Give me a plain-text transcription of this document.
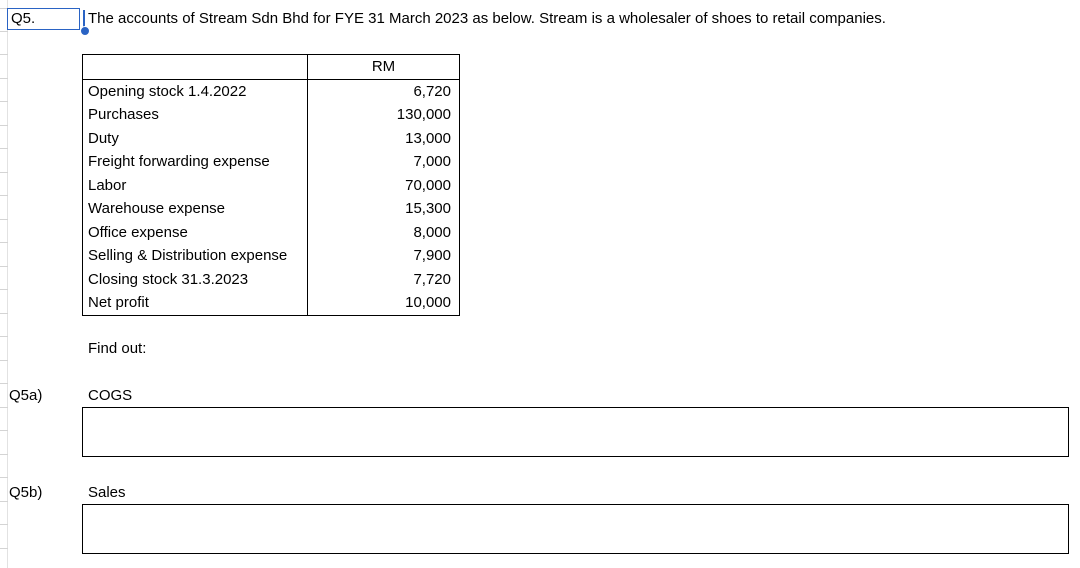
Q5.	The accounts of Stream Sdn Bhd for FYE 31 March 2023 as below. Stream is a wholesaler of shoes to retail companies.
	RM
Opening stock 1.4.2022	6,720
Purchases	130,000
Duty	13,000
Freight forwarding expense	7,000
Labor	70,000
Warehouse expense	15,300
Office expense	8,000
Selling & Distribution expense	7,900
Closing stock 31.3.2023	7,720
Net profit	10,000
Find out:
Q5a)	COGS
Q5b)	Sales
